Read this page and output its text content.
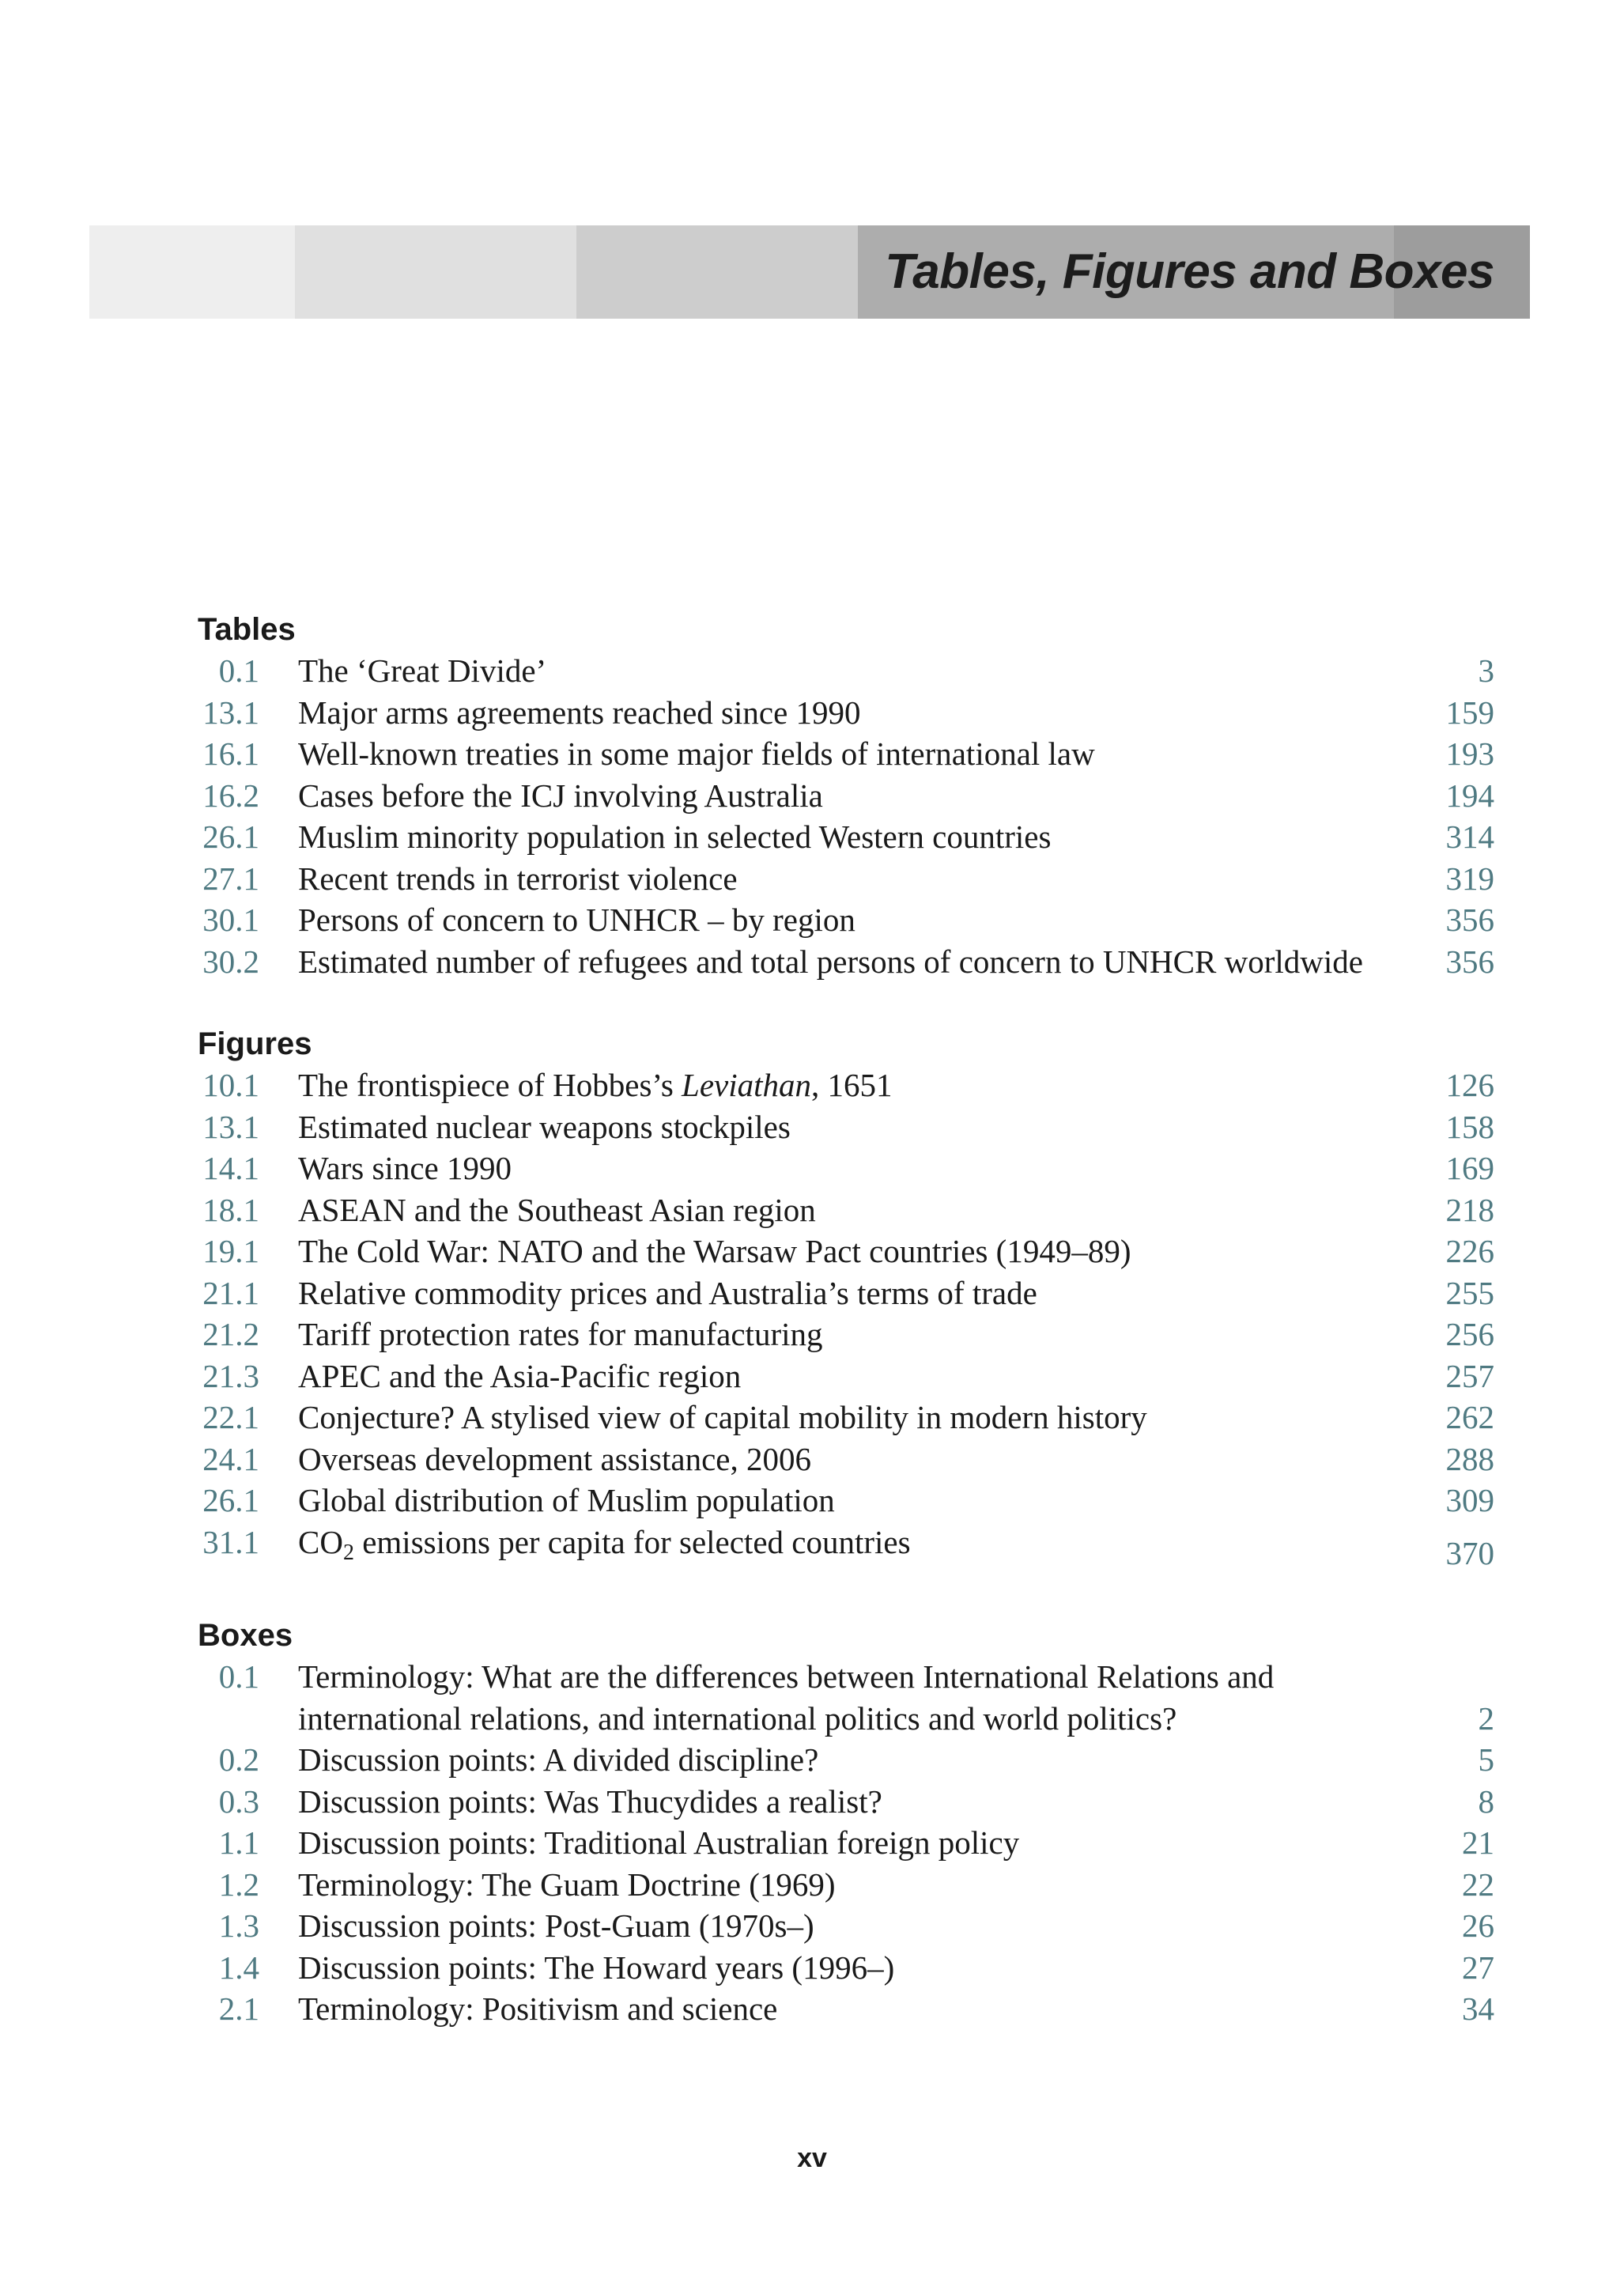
Tables, Figures and Boxes
Tables
0.1 The ‘Great Divide’	3
13.1 Major arms agreements reached since 1990	159
16.1 Well-known treaties in some major fields of international law	193
16.2 Cases before the ICJ involving Australia	194
26.1 Muslim minority population in selected Western countries	314
27.1 Recent trends in terrorist violence	319
30.1 Persons of concern to UNHCR – by region	356
30.2 Estimated number of refugees and total persons of concern to UNHCR worldwide	356
Figures
10.1 The frontispiece of Hobbes’s Leviathan, 1651	126
13.1 Estimated nuclear weapons stockpiles	158
14.1 Wars since 1990	169
18.1 ASEAN and the Southeast Asian region	218
19.1 The Cold War: NATO and the Warsaw Pact countries (1949–89)	226
21.1 Relative commodity prices and Australia’s terms of trade	255
21.2 Tariff protection rates for manufacturing	256
21.3 APEC and the Asia-Pacific region	257
22.1 Conjecture? A stylised view of capital mobility in modern history	262
24.1 Overseas development assistance, 2006	288
26.1 Global distribution of Muslim population	309
31.1 $CO_2$ emissions per capita for selected countries	370
Boxes
0.1 Terminology: What are the differences between International Relations and international relations, and international politics and world politics?	2
0.2 Discussion points: A divided discipline?	5
0.3 Discussion points: Was Thucydides a realist?	8
1.1 Discussion points: Traditional Australian foreign policy	21
1.2 Terminology: The Guam Doctrine (1969)	22
1.3 Discussion points: Post-Guam (1970s–)	26
1.4 Discussion points: The Howard years (1996–)	27
2.1 Terminology: Positivism and science	34
xv
